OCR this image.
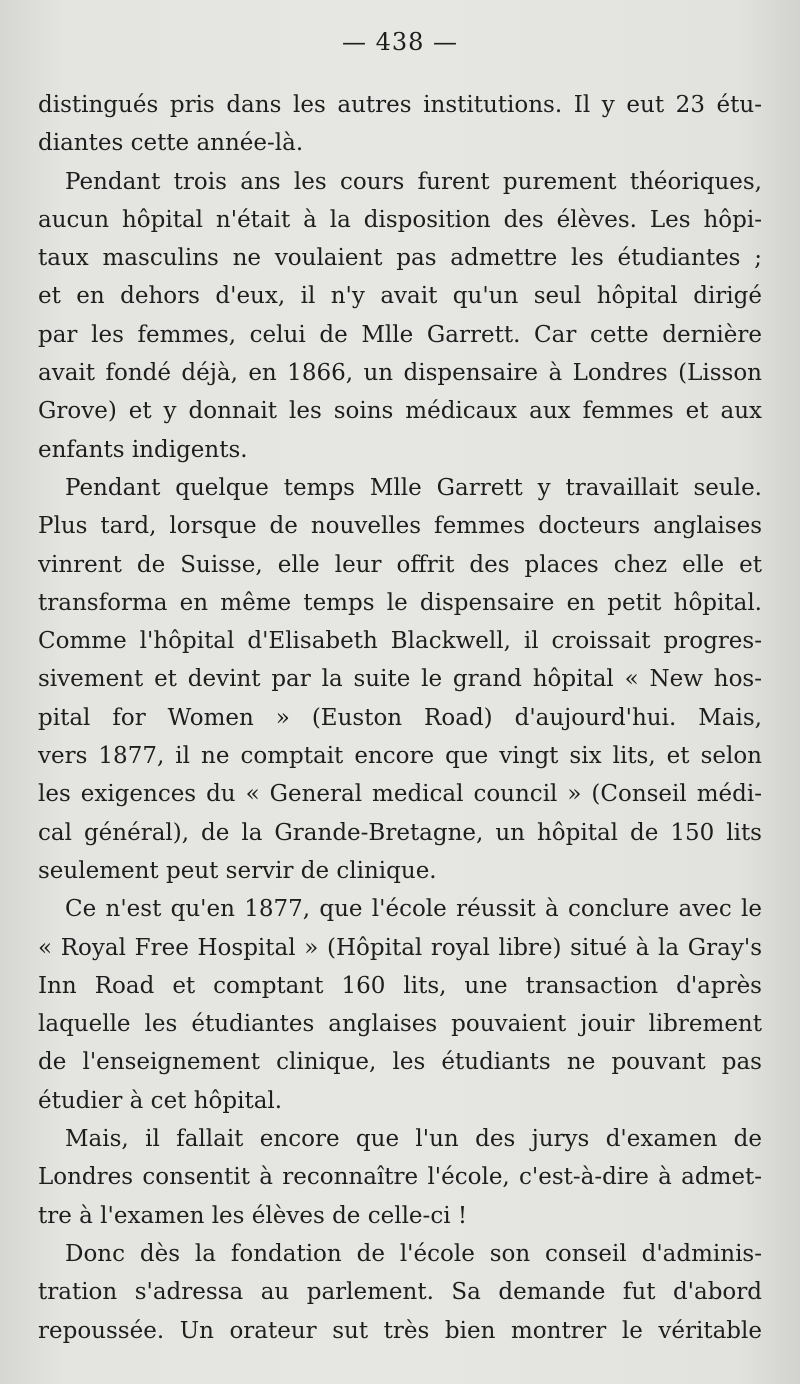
— 438 —
distingués pris dans les autres institutions. Il y eut 23 étu-
diantes cette année-là.
Pendant trois ans les cours furent purement théoriques,
aucun hôpital n'était à la disposition des élèves. Les hôpi-
taux masculins ne voulaient pas admettre les étudiantes ;
et en dehors d'eux, il n'y avait qu'un seul hôpital dirigé
par les femmes, celui de Mlle Garrett. Car cette dernière
avait fondé déjà, en 1866, un dispensaire à Londres (Lisson
Grove) et y donnait les soins médicaux aux femmes et aux
enfants indigents.
Pendant quelque temps Mlle Garrett y travaillait seule.
Plus tard, lorsque de nouvelles femmes docteurs anglaises
vinrent de Suisse, elle leur offrit des places chez elle et
transforma en même temps le dispensaire en petit hôpital.
Comme l'hôpital d'Elisabeth Blackwell, il croissait progres-
sivement et devint par la suite le grand hôpital « New hos-
pital for Women » (Euston Road) d'aujourd'hui. Mais,
vers 1877, il ne comptait encore que vingt six lits, et selon
les exigences du « General medical council » (Conseil médi-
cal général), de la Grande-Bretagne, un hôpital de 150 lits
seulement peut servir de clinique.
Ce n'est qu'en 1877, que l'école réussit à conclure avec le
« Royal Free Hospital » (Hôpital royal libre) situé à la Gray's
Inn Road et comptant 160 lits, une transaction d'après
laquelle les étudiantes anglaises pouvaient jouir librement
de l'enseignement clinique, les étudiants ne pouvant pas
étudier à cet hôpital.
Mais, il fallait encore que l'un des jurys d'examen de
Londres consentit à reconnaître l'école, c'est-à-dire à admet-
tre à l'examen les élèves de celle-ci !
Donc dès la fondation de l'école son conseil d'adminis-
tration s'adressa au parlement. Sa demande fut d'abord
repoussée. Un orateur sut très bien montrer le véritable
